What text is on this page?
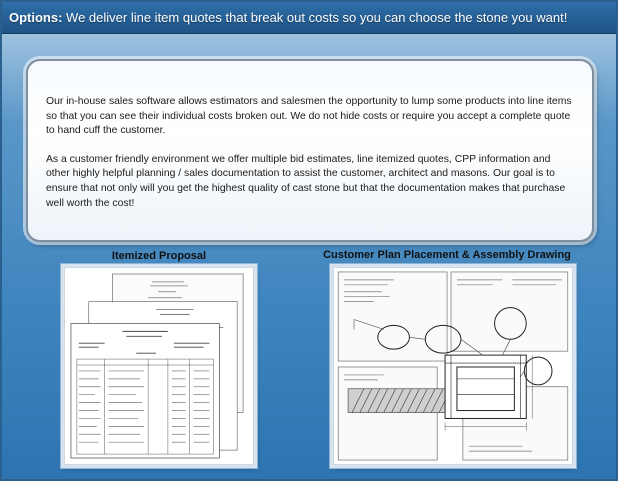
Options: We deliver line item quotes that break out costs so you can choose the stone you want!

Our in-house sales software allows estimators and salesmen the opportunity to lump some products into line items so that you can see their individual costs broken out. We do not hide costs or require you accept a complete quote to hand cuff the customer.

As a customer friendly environment we offer multiple bid estimates, line itemized quotes, CPP information and other highly helpful planning / sales documentation to assist the customer, architect and masons. Our goal is to ensure that not only will you get the highest quality of cast stone but that the documentation makes that purchase well worth the cost!

Itemized Proposal	Customer Plan Placement & Assembly Drawing
